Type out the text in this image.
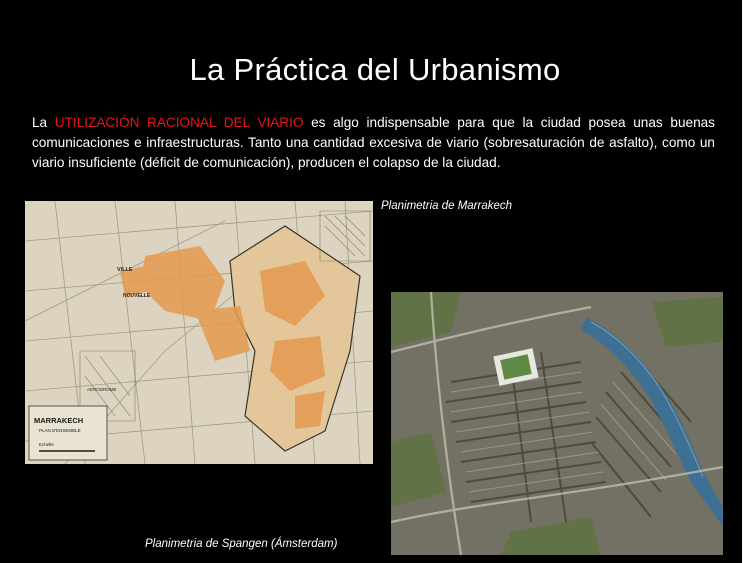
La Práctica del Urbanismo
La UTILIZACIÓN RACIONAL DEL VIARIO es algo indispensable para que la ciudad posea unas buenas comunicaciones e infraestructuras. Tanto una cantidad excesiva de viario (sobresaturación de asfalto), como un viario insuficiente (déficit de comunicación), producen el colapso de la ciudad.
Planimetria de Marrakech
MARRAKECH
PLAN D'ENSEMBLE
Echelle
VILLE
NOUVELLE
AERODROME
Planimetria de Spangen (Ámsterdam)
